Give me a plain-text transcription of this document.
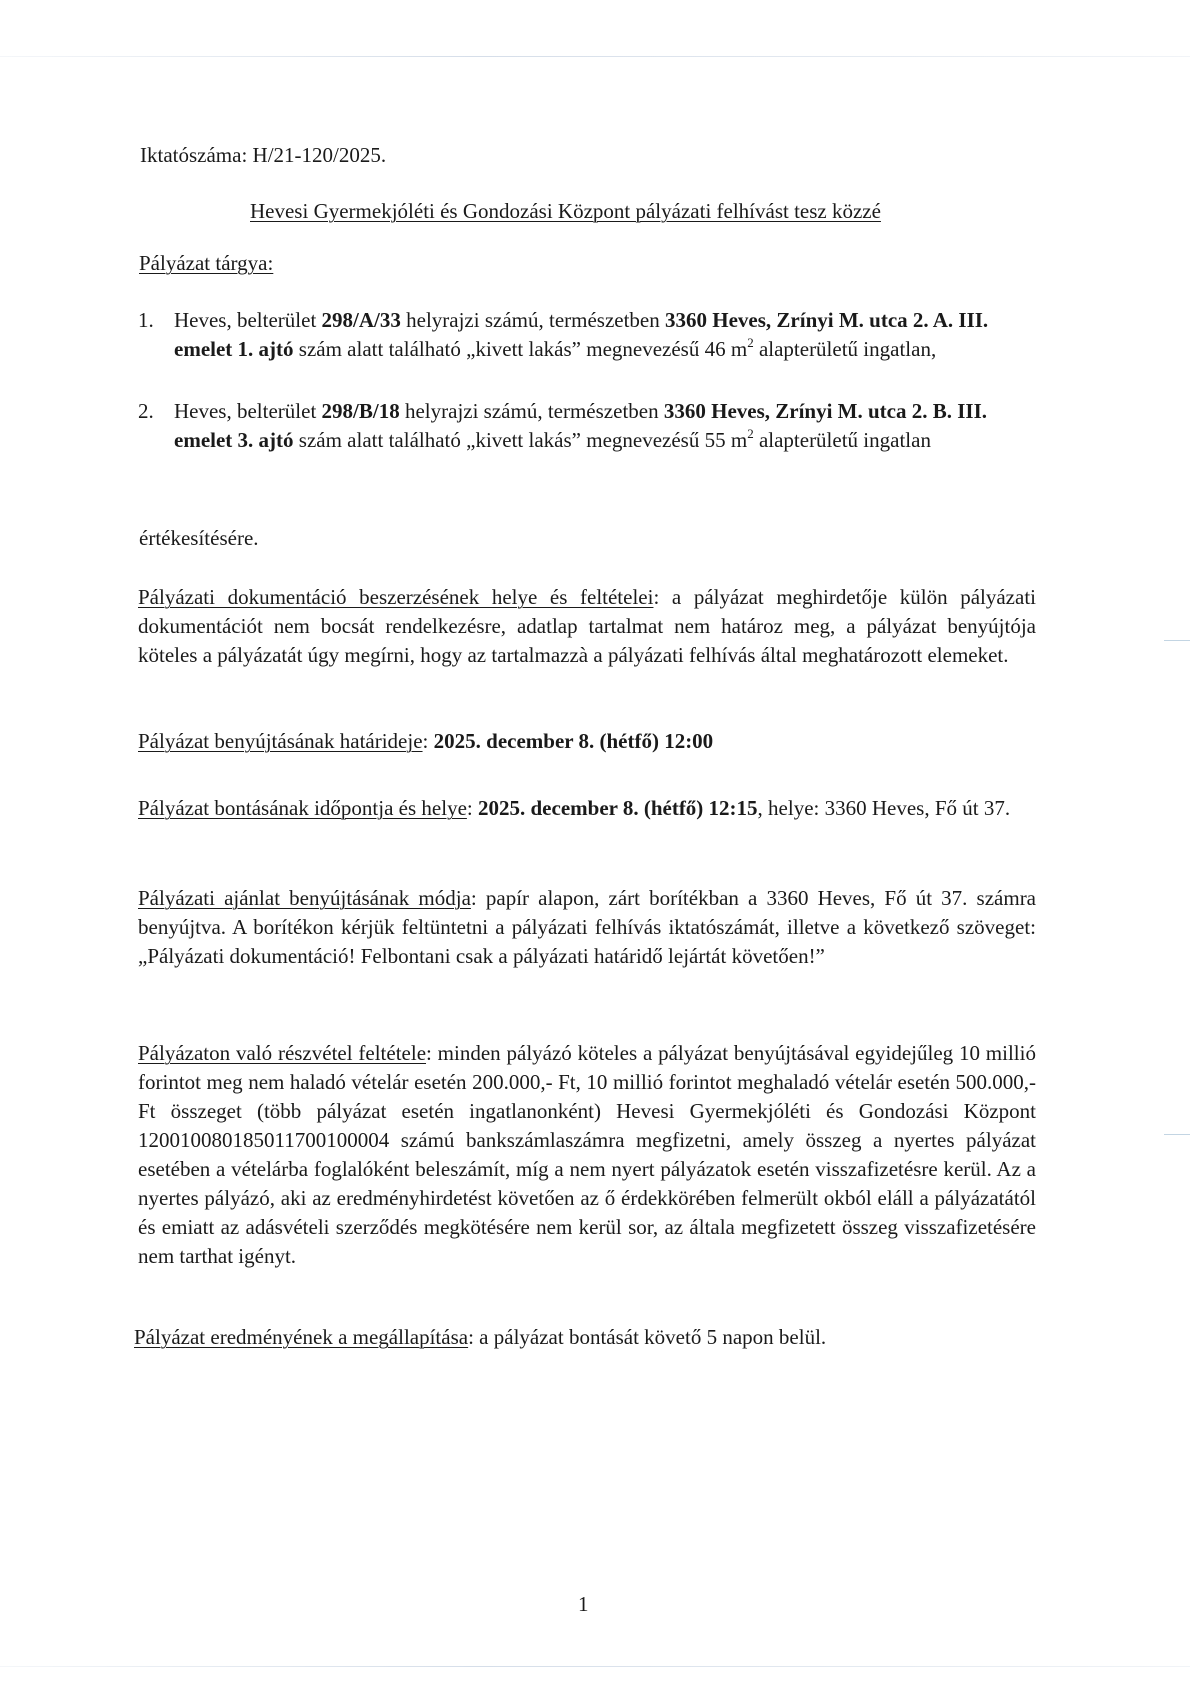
Iktatószáma: H/21-120/2025.
Hevesi Gyermekjóléti és Gondozási Központ pályázati felhívást tesz közzé
Pályázat tárgya:
1. Heves, belterület 298/A/33 helyrajzi számú, természetben 3360 Heves, Zrínyi M. utca 2. A. III. emelet 1. ajtó szám alatt található „kivett lakás” megnevezésű 46 $m^2$ alapterületű ingatlan,
2. Heves, belterület 298/B/18 helyrajzi számú, természetben 3360 Heves, Zrínyi M. utca 2. B. III. emelet 3. ajtó szám alatt található „kivett lakás” megnevezésű 55 $m^2$ alapterületű ingatlan
értékesítésére.
Pályázati dokumentáció beszerzésének helye és feltételei: a pályázat meghirdetője külön pályázati dokumentációt nem bocsát rendelkezésre, adatlap tartalmat nem határoz meg, a pályázat benyújtója köteles a pályázatát úgy megírni, hogy az tartalmazzà a pályázati felhívás által meghatározott elemeket.
Pályázat benyújtásának határideje: 2025. december 8. (hétfő) 12:00
Pályázat bontásának időpontja és helye: 2025. december 8. (hétfő) 12:15, helye: 3360 Heves, Fő út 37.
Pályázati ajánlat benyújtásának módja: papír alapon, zárt borítékban a 3360 Heves, Fő út 37. számra benyújtva. A borítékon kérjük feltüntetni a pályázati felhívás iktatószámát, illetve a következő szöveget: „Pályázati dokumentáció! Felbontani csak a pályázati határidő lejártát követően!”
Pályázaton való részvétel feltétele: minden pályázó köteles a pályázat benyújtásával egyidejűleg 10 millió forintot meg nem haladó vételár esetén 200.000,- Ft, 10 millió forintot meghaladó vételár esetén 500.000,- Ft összeget (több pályázat esetén ingatlanonként) Hevesi Gyermekjóléti és Gondozási Központ 12001008018501170010000​4 számú bankszámlaszámra megfizetni, amely összeg a nyertes pályázat esetében a vételárba foglalóként beleszámít, míg a nem nyert pályázatok esetén visszafizetésre kerül. Az a nyertes pályázó, aki az eredményhirdetést követően az ő érdekkörében felmerült okból eláll a pályázatától és emiatt az adásvételi szerződés megkötésére nem kerül sor, az általa megfizetett összeg visszafizetésére nem tarthat igényt.
Pályázat eredményének a megállapítása: a pályázat bontását követő 5 napon belül.
1
